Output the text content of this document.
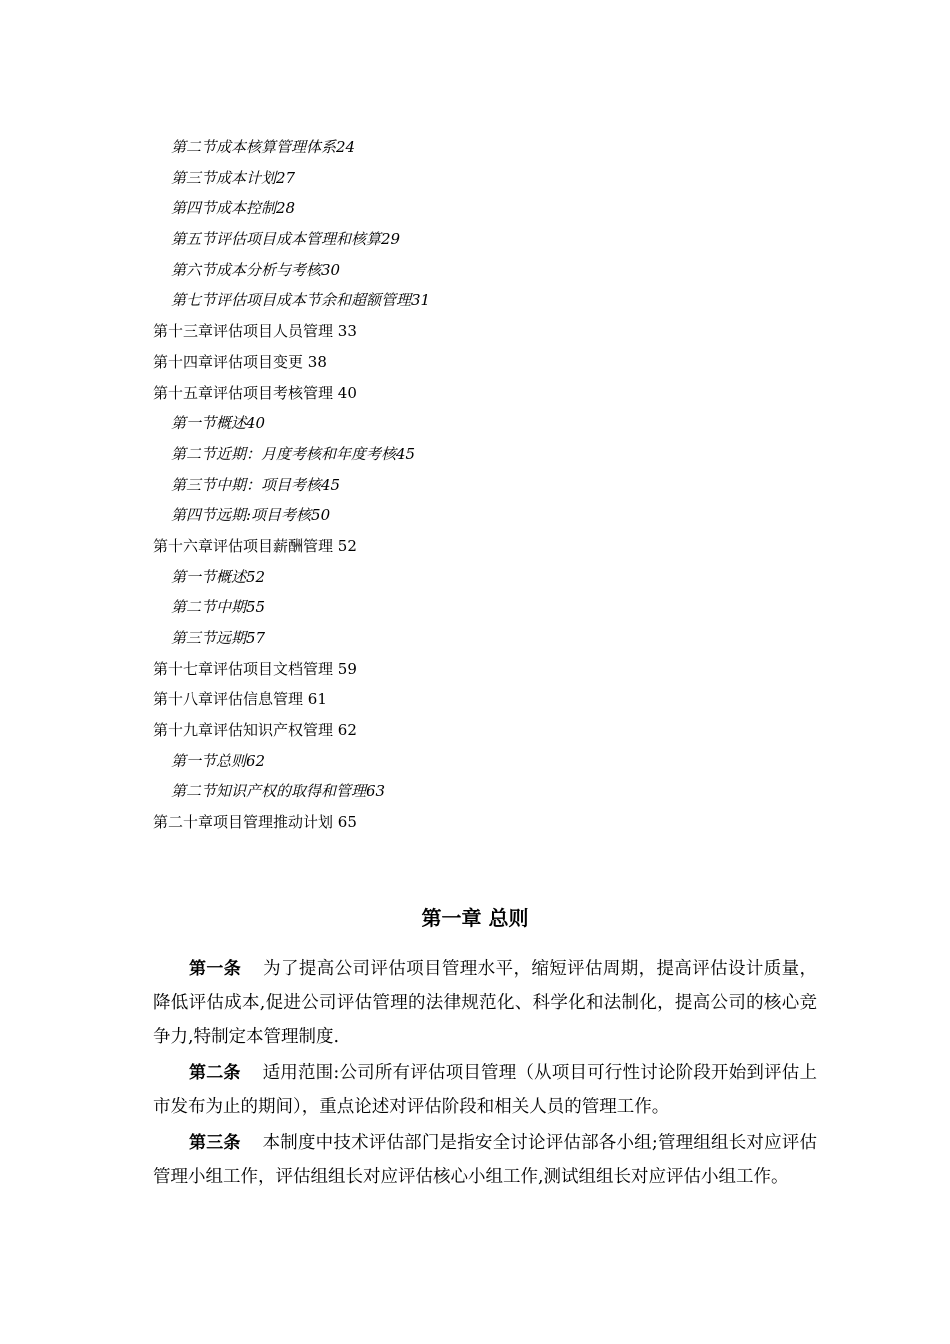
第二节成本核算管理体系24
第三节成本计划27
第四节成本控制28
第五节评估项目成本管理和核算29
第六节成本分析与考核30
第七节评估项目成本节余和超额管理31
第十三章评估项目人员管理 33
第十四章评估项目变更 38
第十五章评估项目考核管理 40
第一节概述40
第二节近期：月度考核和年度考核45
第三节中期：项目考核45
第四节远期:项目考核50
第十六章评估项目薪酬管理 52
第一节概述52
第二节中期55
第三节远期57
第十七章评估项目文档管理 59
第十八章评估信息管理 61
第十九章评估知识产权管理 62
第一节总则62
第二节知识产权的取得和管理63
第二十章项目管理推动计划 65
第一章 总则

第一条 为了提高公司评估项目管理水平，缩短评估周期，提高评估设计质量，降低评估成本,促进公司评估管理的法律规范化、科学化和法制化，提高公司的核心竞争力,特制定本管理制度.

第二条 适用范围:公司所有评估项目管理（从项目可行性讨论阶段开始到评估上市发布为止的期间），重点论述对评估阶段和相关人员的管理工作。

第三条 本制度中技术评估部门是指安全讨论评估部各小组;管理组组长对应评估管理小组工作，评估组组长对应评估核心小组工作,测试组组长对应评估小组工作。
